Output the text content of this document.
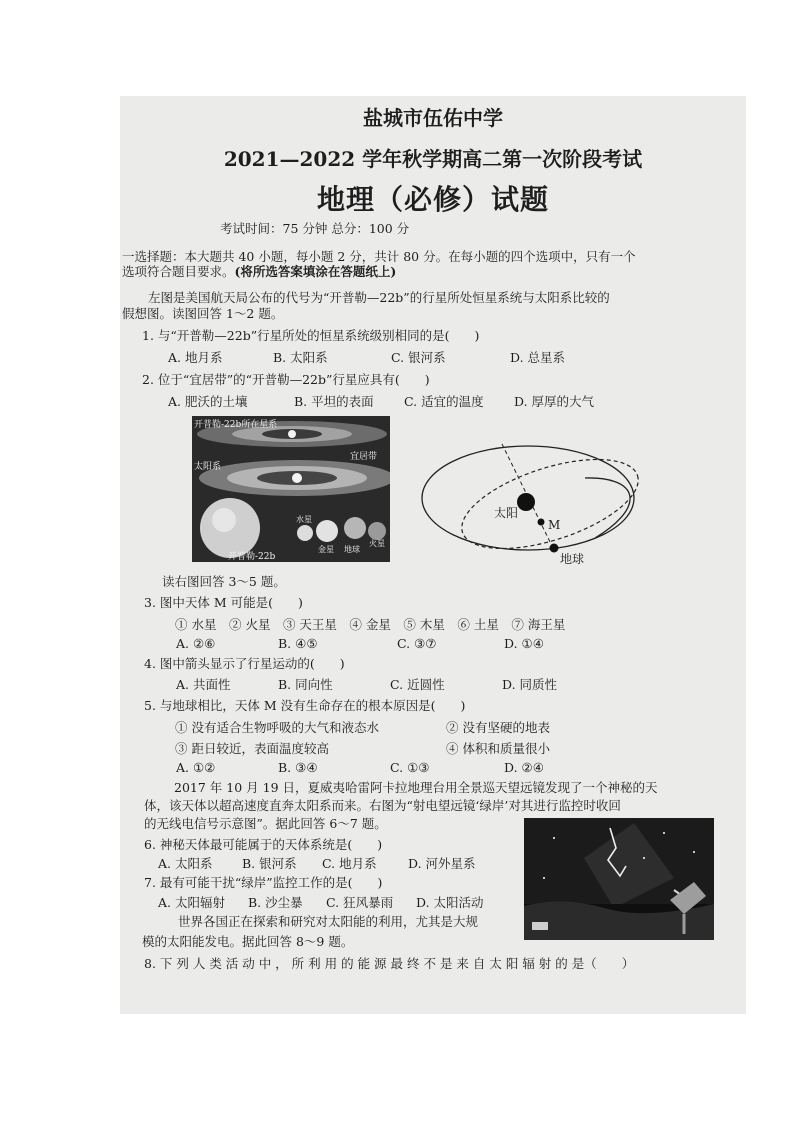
盐城市伍佑中学
2021—2022 学年秋学期高二第一次阶段考试
地理（必修）试题
考试时间：75 分钟 总分：100 分
一选择题：本大题共 40 小题，每小题 2 分，共计 80 分。在每小题的四个选项中，只有一个
选项符合题目要求。(将所选答案填涂在答题纸上)
左图是美国航天局公布的代号为“开普勒—22b”的行星所处恒星系统与太阳系比较的
假想图。读图回答 1～2 题。
1. 与“开普勒—22b”行星所处的恒星系统级别相同的是(　　)
A. 地月系	B. 太阳系	C. 银河系	D. 总星系
2. 位于“宜居带”的“开普勒—22b”行星应具有(　　)
A. 肥沃的土壤	B. 平坦的表面 C. 适宜的温度 D. 厚厚的大气
开普勒-22b所在星系
太阳系
宜居带
水星
金星 地球
火星
开普勒-22b
太阳
M
地球
读右图回答 3～5 题。
3. 图中天体 M 可能是(　　)
① 水星　② 火星　③ 天王星　④ 金星　⑤ 木星　⑥ 土星　⑦ 海王星
A. ②⑥	B. ④⑤	C. ③⑦	D. ①④
4. 图中箭头显示了行星运动的(　　)
A. 共面性	B. 同向性	C. 近圆性	D. 同质性
5. 与地球相比，天体 M 没有生命存在的根本原因是(　　)
① 没有适合生物呼吸的大气和液态水	② 没有坚硬的地表
③ 距日较近，表面温度较高	④ 体积和质量很小
A. ①②	B. ③④	C. ①③	D. ②④
2017 年 10 月 19 日，夏威夷哈雷阿卡拉地理台用全景巡天望远镜发现了一个神秘的天
体，该天体以超高速度直奔太阳系而来。右图为“射电望远镜‘绿岸’对其进行监控时收回
的无线电信号示意图”。据此回答 6～7 题。
6. 神秘天体最可能属于的天体系统是(　　)
A. 太阳系 B. 银河系 C. 地月系	D. 河外星系
7. 最有可能干扰“绿岸”监控工作的是(　　)
A. 太阳辐射 B. 沙尘暴 C. 狂风暴雨 D. 太阳活动
世界各国正在探索和研究对太阳能的利用，尤其是大规
模的太阳能发电。据此回答 8～9 题。
8. 下 列 人 类 活 动 中 ， 所 利 用 的 能 源 最 终 不 是 来 自 太 阳 辐 射 的 是（　　）
